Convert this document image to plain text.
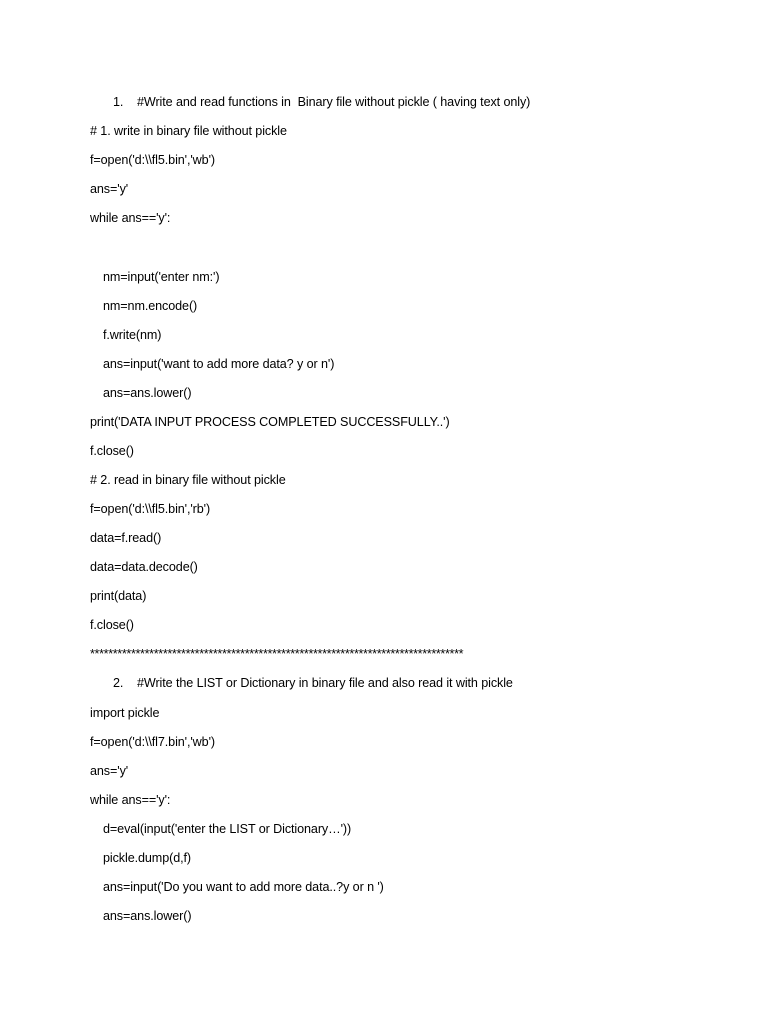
1. #Write and read functions in  Binary file without pickle ( having text only)
# 1. write in binary file without pickle
f=open('d:\\fl5.bin','wb')
ans='y'
while ans=='y':
nm=input('enter nm:')
nm=nm.encode()
f.write(nm)
ans=input('want to add more data? y or n')
ans=ans.lower()
print('DATA INPUT PROCESS COMPLETED SUCCESSFULLY..')
f.close()
# 2. read in binary file without pickle
f=open('d:\\fl5.bin','rb')
data=f.read()
data=data.decode()
print(data)
f.close()
**********************************************************************************
2. #Write the LIST or Dictionary in binary file and also read it with pickle
import pickle
f=open('d:\\fl7.bin','wb')
ans='y'
while ans=='y':
d=eval(input('enter the LIST or Dictionary…'))
pickle.dump(d,f)
ans=input('Do you want to add more data..?y or n ')
ans=ans.lower()
